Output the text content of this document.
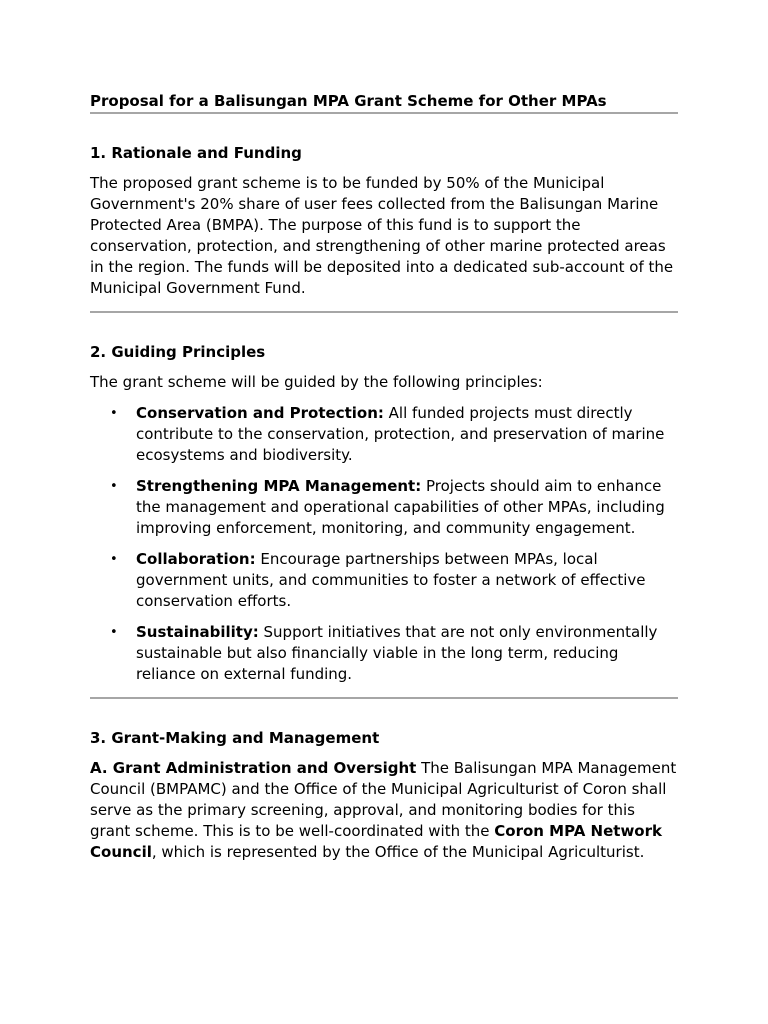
Proposal for a Balisungan MPA Grant Scheme for Other MPAs
1. Rationale and Funding

The proposed grant scheme is to be funded by 50% of the Municipal Government's 20% share of user fees collected from the Balisungan Marine Protected Area (BMPA). The purpose of this fund is to support the conservation, protection, and strengthening of other marine protected areas in the region. The funds will be deposited into a dedicated sub-account of the Municipal Government Fund.

2. Guiding Principles

The grant scheme will be guided by the following principles:

• Conservation and Protection: All funded projects must directly contribute to the conservation, protection, and preservation of marine ecosystems and biodiversity.
• Strengthening MPA Management: Projects should aim to enhance the management and operational capabilities of other MPAs, including improving enforcement, monitoring, and community engagement.
• Collaboration: Encourage partnerships between MPAs, local government units, and communities to foster a network of effective conservation efforts.
• Sustainability: Support initiatives that are not only environmentally sustainable but also financially viable in the long term, reducing reliance on external funding.
3. Grant-Making and Management

A. Grant Administration and Oversight The Balisungan MPA Management Council (BMPAMC) and the Office of the Municipal Agriculturist of Coron shall serve as the primary screening, approval, and monitoring bodies for this grant scheme. This is to be well-coordinated with the Coron MPA Network Council, which is represented by the Office of the Municipal Agriculturist.
